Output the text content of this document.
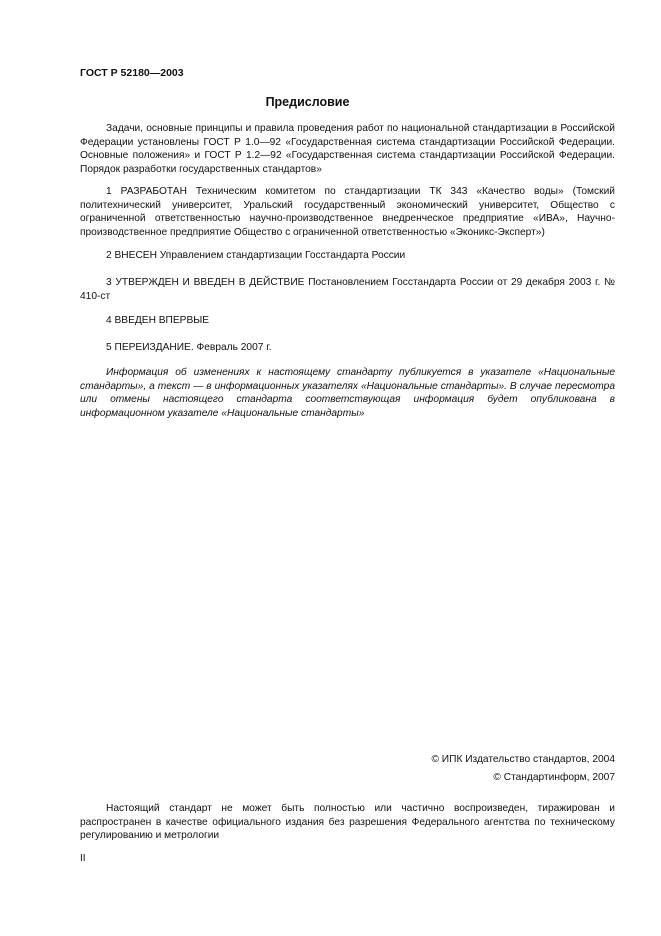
ГОСТ Р 52180—2003
Предисловие
Задачи, основные принципы и правила проведения работ по национальной стандартизации в Российской Федерации установлены ГОСТ Р 1.0—92 «Государственная система стандартизации Российской Федерации. Основные положения» и ГОСТ Р 1.2—92 «Государственная система стандартизации Российской Федерации. Порядок разработки государственных стандартов»
1 РАЗРАБОТАН Техническим комитетом по стандартизации ТК 343 «Качество воды» (Томский политехнический университет, Уральский государственный экономический университет, Общество с ограниченной ответственностью научно-производственное внедренческое предприятие «ИВА», Научно-производственное предприятие Общество с ограниченной ответственностью «Эконикс-Эксперт»)
2 ВНЕСЕН Управлением стандартизации Госстандарта России
3 УТВЕРЖДЕН И ВВЕДЕН В ДЕЙСТВИЕ Постановлением Госстандарта России от 29 декабря 2003 г. № 410-ст
4 ВВЕДЕН ВПЕРВЫЕ
5 ПЕРЕИЗДАНИЕ. Февраль 2007 г.
Информация об изменениях к настоящему стандарту публикуется в указателе «Национальные стандарты», а текст — в информационных указателях «Национальные стандарты». В случае пересмотра или отмены настоящего стандарта соответствующая информация будет опубликована в информационном указателе «Национальные стандарты»
© ИПК Издательство стандартов, 2004
© Стандартинформ, 2007
Настоящий стандарт не может быть полностью или частично воспроизведен, тиражирован и распространен в качестве официального издания без разрешения Федерального агентства по техническому регулированию и метрологии
II
